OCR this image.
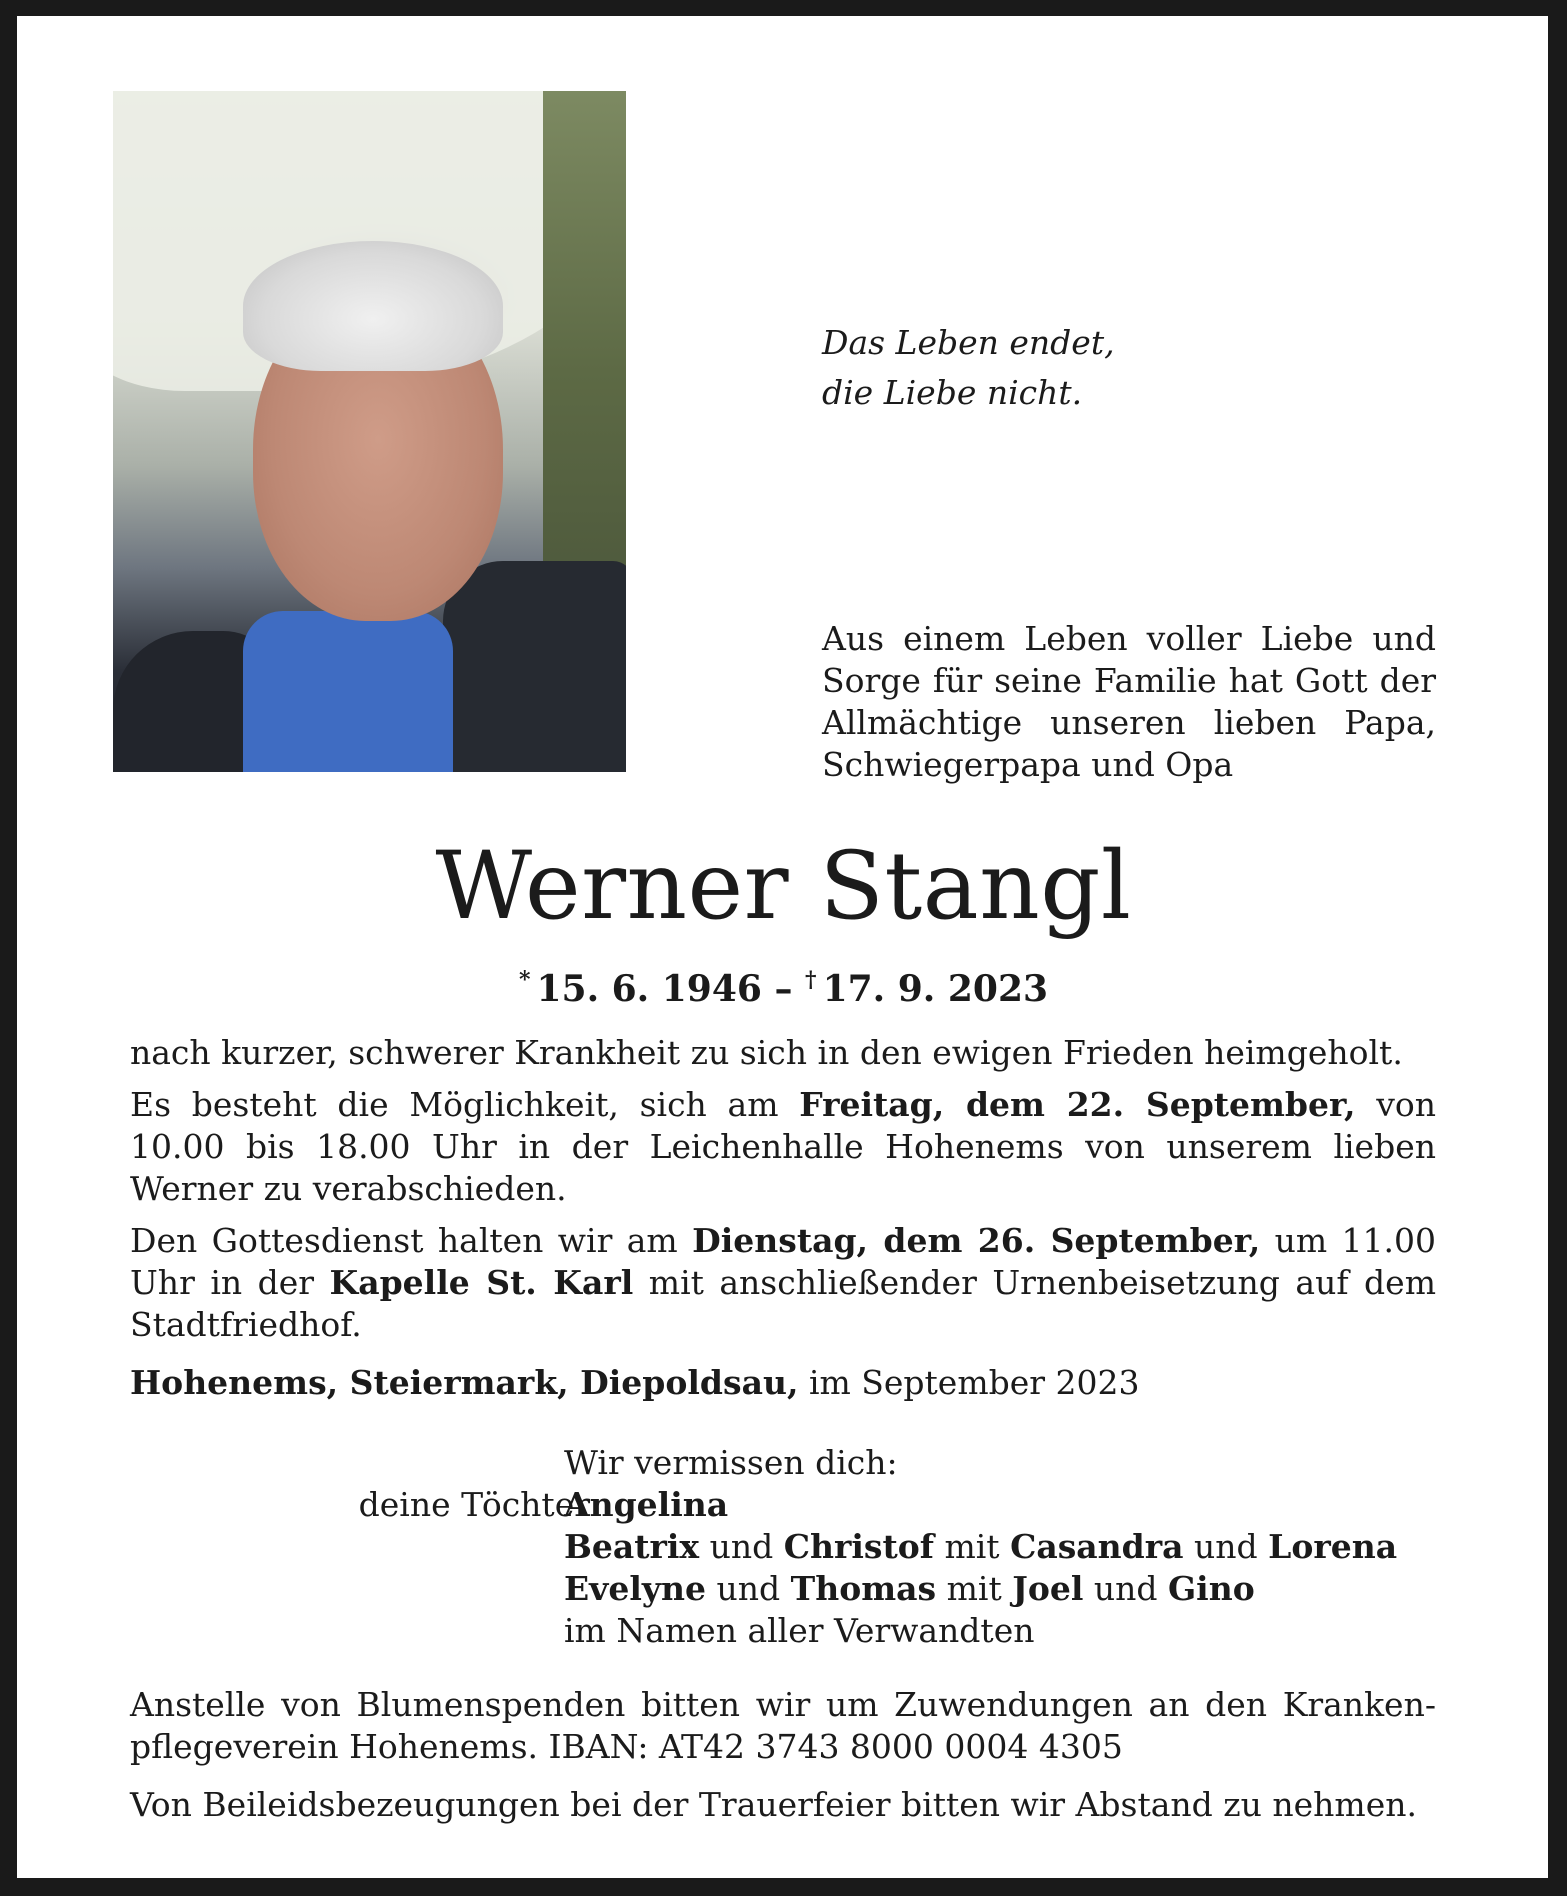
Das Leben endet,
die Liebe nicht.
Aus einem Leben voller Liebe und Sorge für seine Familie hat Gott der Allmächtige unseren lieben Papa, Schwiegerpapa und Opa
Werner Stangl
* 15. 6. 1946 – † 17. 9. 2023

nach kurzer, schwerer Krankheit zu sich in den ewigen Frieden heimgeholt.

Es besteht die Möglichkeit, sich am Freitag, dem 22. September, von 10.00 bis 18.00 Uhr in der Leichenhalle Hohenems von unserem lieben Werner zu verabschieden.

Den Gottesdienst halten wir am Dienstag, dem 26. September, um 11.00 Uhr in der Kapelle St. Karl mit anschließender Urnenbeisetzung auf dem Stadtfriedhof.

Hohenems, Steiermark, Diepoldsau, im September 2023

Wir vermissen dich:
deine Töchter
Angelina
Beatrix und Christof mit Casandra und Lorena
Evelyne und Thomas mit Joel und Gino
im Namen aller Verwandten

Anstelle von Blumenspenden bitten wir um Zuwendungen an den Krankenpflegeverein Hohenems. IBAN: AT42 3743 8000 0004 4305

Von Beileidsbezeugungen bei der Trauerfeier bitten wir Abstand zu nehmen.
